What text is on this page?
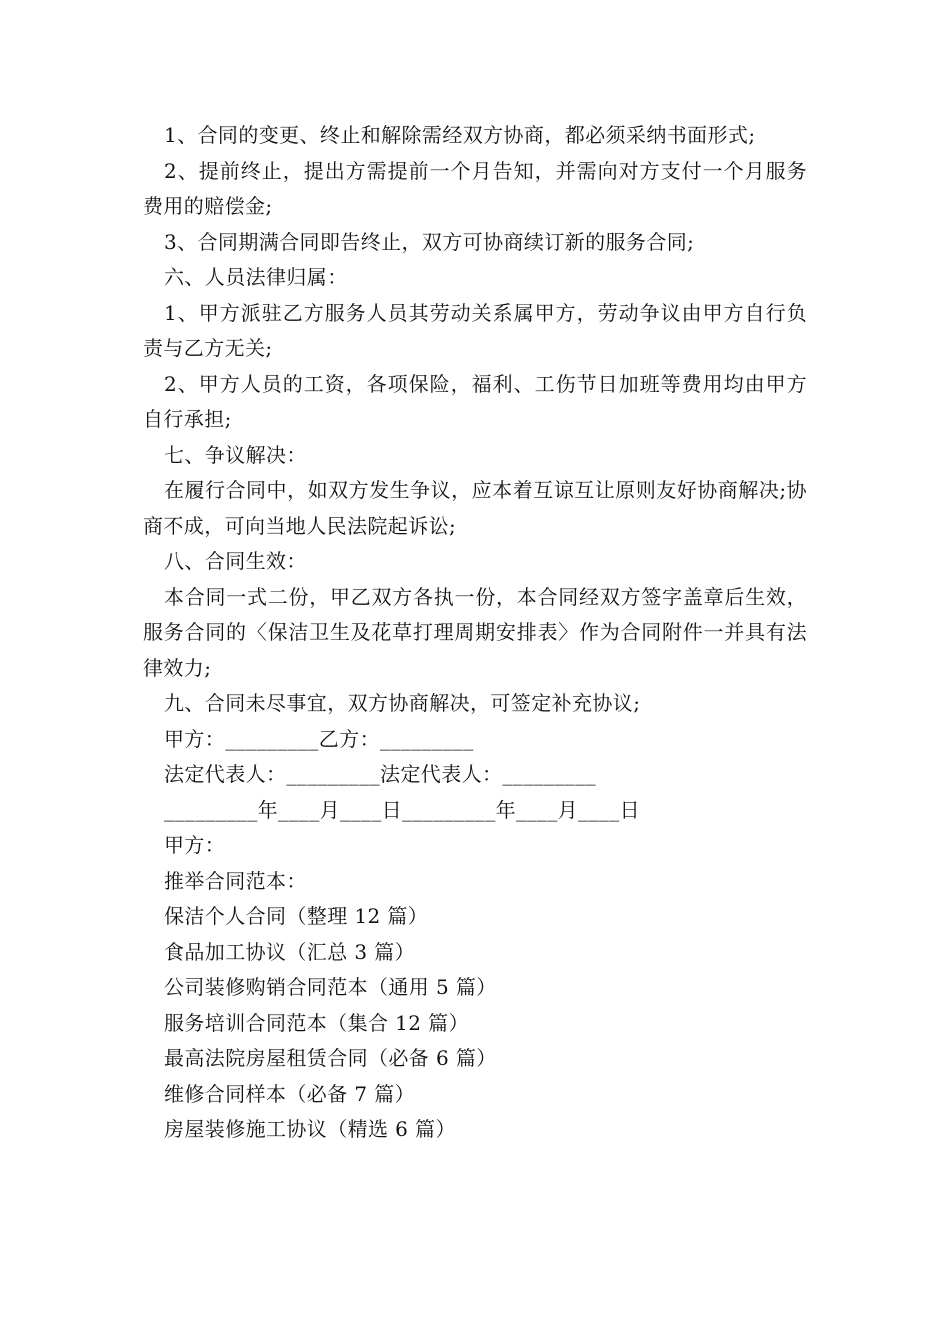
1、合同的变更、终止和解除需经双方协商，都必须采纳书面形式;

2、提前终止，提出方需提前一个月告知，并需向对方支付一个月服务费用的赔偿金;

3、合同期满合同即告终止，双方可协商续订新的服务合同;

六、人员法律归属：

1、甲方派驻乙方服务人员其劳动关系属甲方，劳动争议由甲方自行负责与乙方无关;

2、甲方人员的工资，各项保险，福利、工伤节日加班等费用均由甲方自行承担;

七、争议解决：

在履行合同中，如双方发生争议，应本着互谅互让原则友好协商解决;协商不成，可向当地人民法院起诉讼;

八、合同生效：

本合同一式二份，甲乙双方各执一份，本合同经双方签字盖章后生效，服务合同的〈保洁卫生及花草打理周期安排表〉作为合同附件一并具有法律效力;

九、合同未尽事宜，双方协商解决，可签定补充协议;

甲方：_________乙方：_________

法定代表人：_________法定代表人：_________

_________年____月____日_________年____月____日

甲方：

推举合同范本：

保洁个人合同（整理 12 篇）
食品加工协议（汇总 3 篇）
公司装修购销合同范本（通用 5 篇）
服务培训合同范本（集合 12 篇）
最高法院房屋租赁合同（必备 6 篇）
维修合同样本（必备 7 篇）
房屋装修施工协议（精选 6 篇）
